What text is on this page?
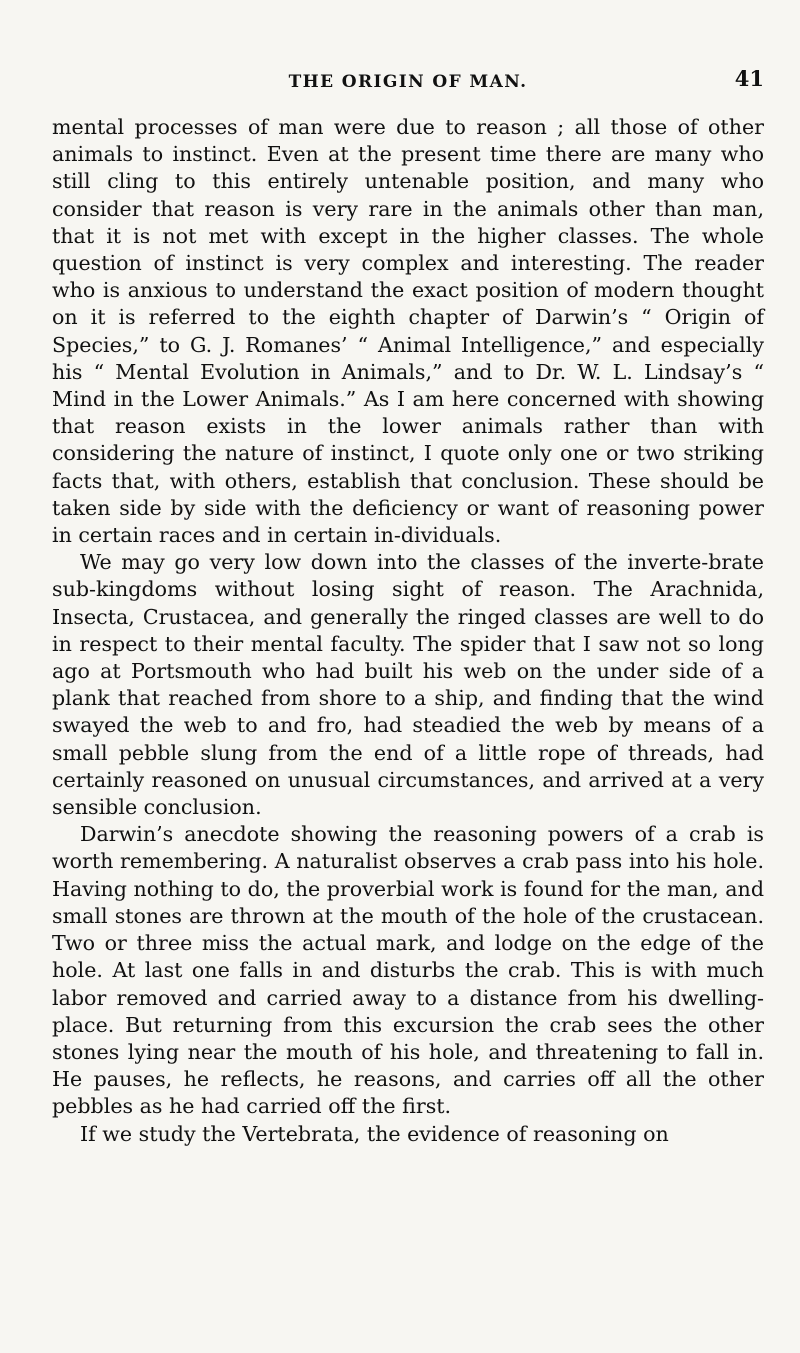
THE ORIGIN OF MAN.	41

mental processes of man were due to reason ; all those of other animals to instinct. Even at the present time there are many who still cling to this entirely untenable position, and many who consider that reason is very rare in the animals other than man, that it is not met with except in the higher classes. The whole question of instinct is very complex and interesting. The reader who is anxious to understand the exact position of modern thought on it is referred to the eighth chapter of Darwin’s “ Origin of Species,” to G. J. Romanes’ “ Animal Intelligence,” and especially his “ Mental Evolution in Animals,” and to Dr. W. L. Lindsay’s “ Mind in the Lower Animals.” As I am here concerned with showing that reason exists in the lower animals rather than with considering the nature of instinct, I quote only one or two striking facts that, with others, establish that conclusion. These should be taken side by side with the deficiency or want of reasoning power in certain races and in certain in-dividuals.

We may go very low down into the classes of the inverte-brate sub-kingdoms without losing sight of reason. The Arachnida, Insecta, Crustacea, and generally the ringed classes are well to do in respect to their mental faculty. The spider that I saw not so long ago at Portsmouth who had built his web on the under side of a plank that reached from shore to a ship, and finding that the wind swayed the web to and fro, had steadied the web by means of a small pebble slung from the end of a little rope of threads, had certainly reasoned on unusual circumstances, and arrived at a very sensible conclusion.

Darwin’s anecdote showing the reasoning powers of a crab is worth remembering. A naturalist observes a crab pass into his hole. Having nothing to do, the proverbial work is found for the man, and small stones are thrown at the mouth of the hole of the crustacean. Two or three miss the actual mark, and lodge on the edge of the hole. At last one falls in and disturbs the crab. This is with much labor removed and carried away to a distance from his dwelling-place. But returning from this excursion the crab sees the other stones lying near the mouth of his hole, and threatening to fall in. He pauses, he reflects, he reasons, and carries off all the other pebbles as he had carried off the first.

If we study the Vertebrata, the evidence of reasoning on
